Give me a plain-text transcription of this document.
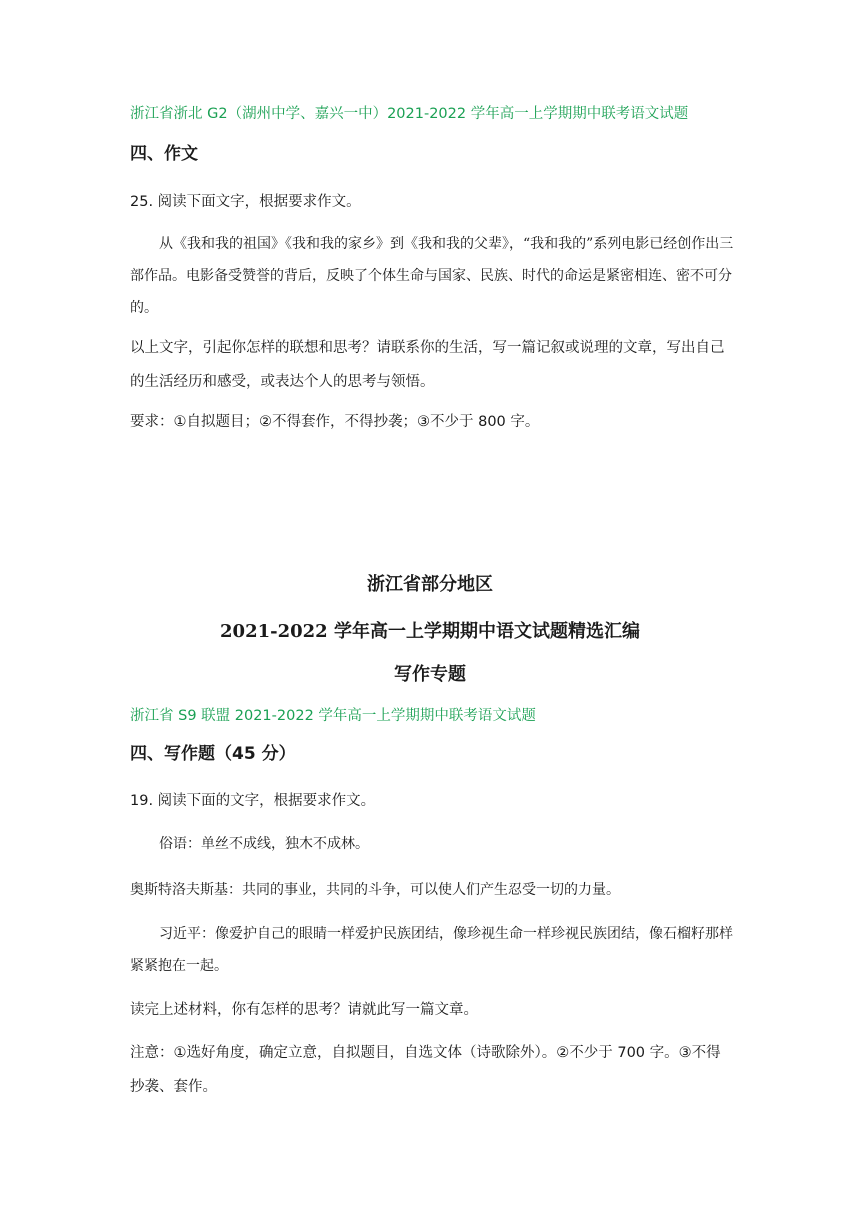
浙江省浙北 G2（湖州中学、嘉兴一中）2021-2022 学年高一上学期期中联考语文试题

四、作文

25. 阅读下面文字，根据要求作文。

从《我和我的祖国》《我和我的家乡》到《我和我的父辈》，“我和我的”系列电影已经创作出三部作品。电影备受赞誉的背后，反映了个体生命与国家、民族、时代的命运是紧密相连、密不可分的。

以上文字，引起你怎样的联想和思考？请联系你的生活，写一篇记叙或说理的文章，写出自己的生活经历和感受，或表达个人的思考与领悟。

要求：①自拟题目；②不得套作，不得抄袭；③不少于 800 字。

浙江省部分地区
2021-2022 学年高一上学期期中语文试题精选汇编
写作专题

浙江省 S9 联盟 2021-2022 学年高一上学期期中联考语文试题

四、写作题（45 分）

19. 阅读下面的文字，根据要求作文。

俗语：单丝不成线，独木不成林。

奥斯特洛夫斯基：共同的事业，共同的斗争，可以使人们产生忍受一切的力量。

习近平：像爱护自己的眼睛一样爱护民族团结，像珍视生命一样珍视民族团结，像石榴籽那样紧紧抱在一起。

读完上述材料，你有怎样的思考？请就此写一篇文章。

注意：①选好角度，确定立意，自拟题目，自选文体（诗歌除外）。②不少于 700 字。③不得抄袭、套作。
